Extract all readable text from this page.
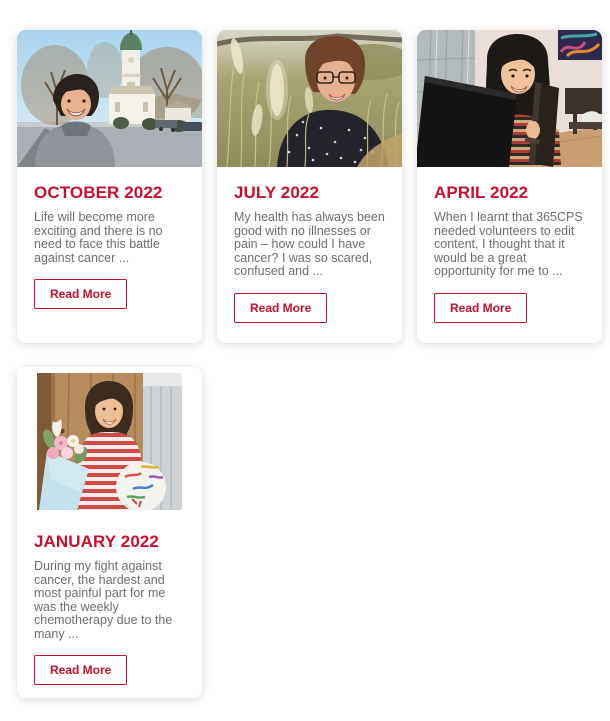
OCTOBER 2022

Life will become more exciting and there is no need to face this battle against cancer ...

Read More
JULY 2022

My health has always been good with no illnesses or pain – how could I have cancer? I was so scared, confused and ...

Read More
APRIL 2022

When I learnt that 365CPS needed volunteers to edit content, I thought that it would be a great opportunity for me to ...

Read More
JANUARY 2022

During my fight against cancer, the hardest and most painful part for me was the weekly chemotherapy due to the many ...

Read More
